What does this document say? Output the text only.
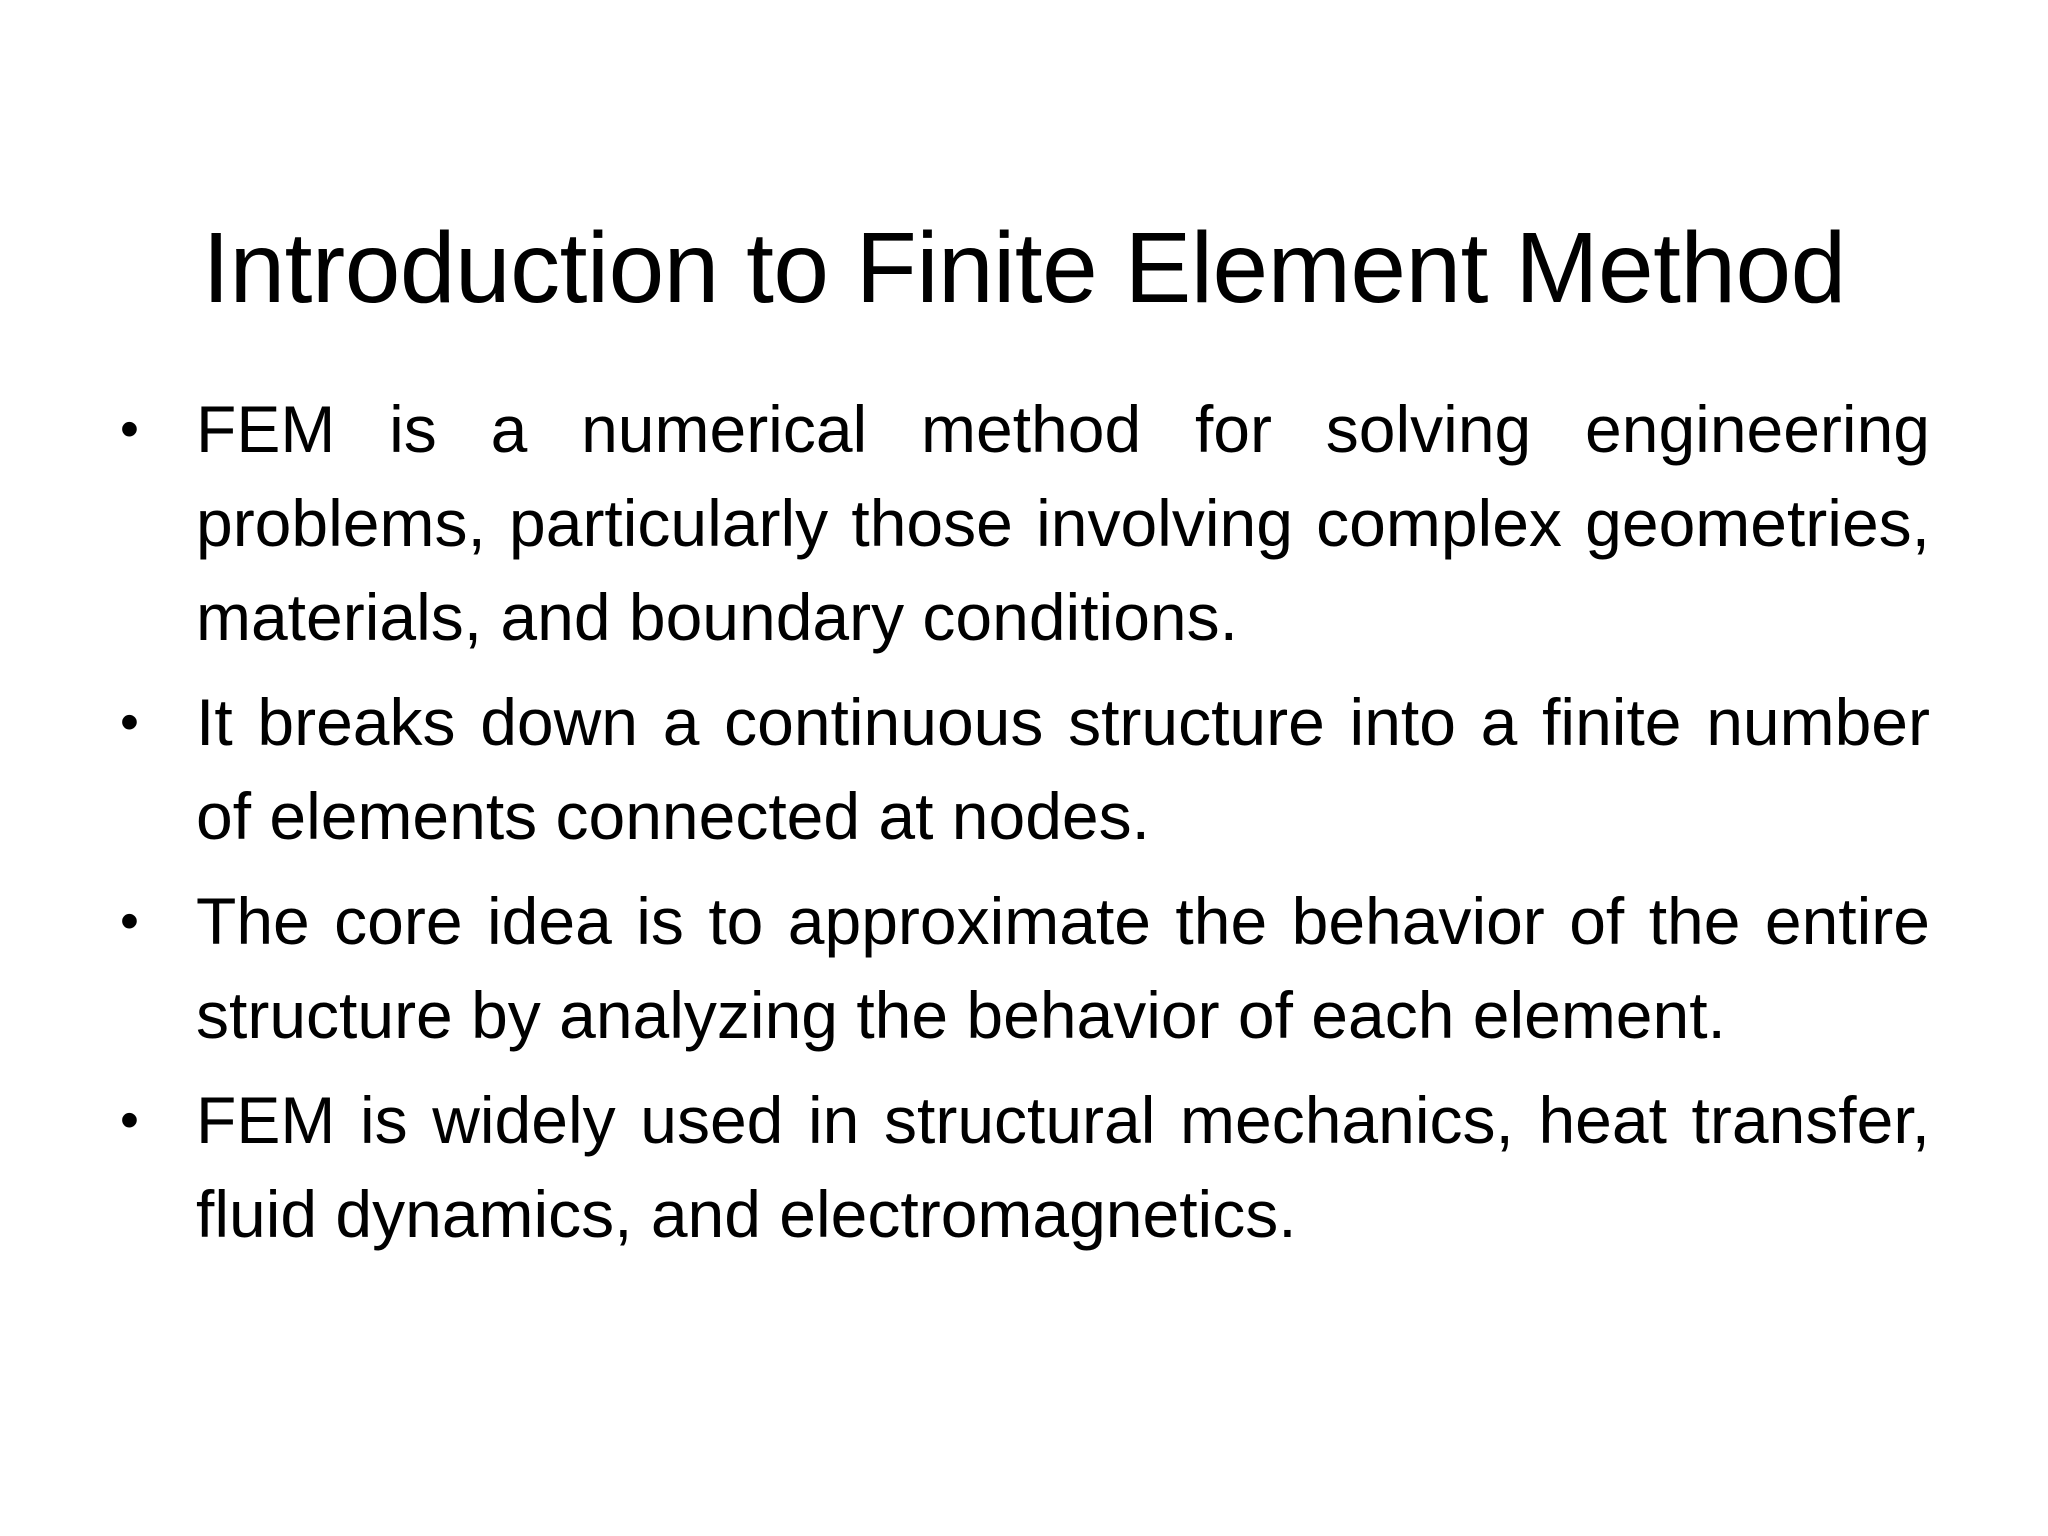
Introduction to Finite Element Method
• FEM is a numerical method for solving engineering problems, particularly those involving complex geometries, materials, and boundary conditions.
• It breaks down a continuous structure into a finite number of elements connected at nodes.
• The core idea is to approximate the behavior of the entire structure by analyzing the behavior of each element.
• FEM is widely used in structural mechanics, heat transfer, fluid dynamics, and electromagnetics.
